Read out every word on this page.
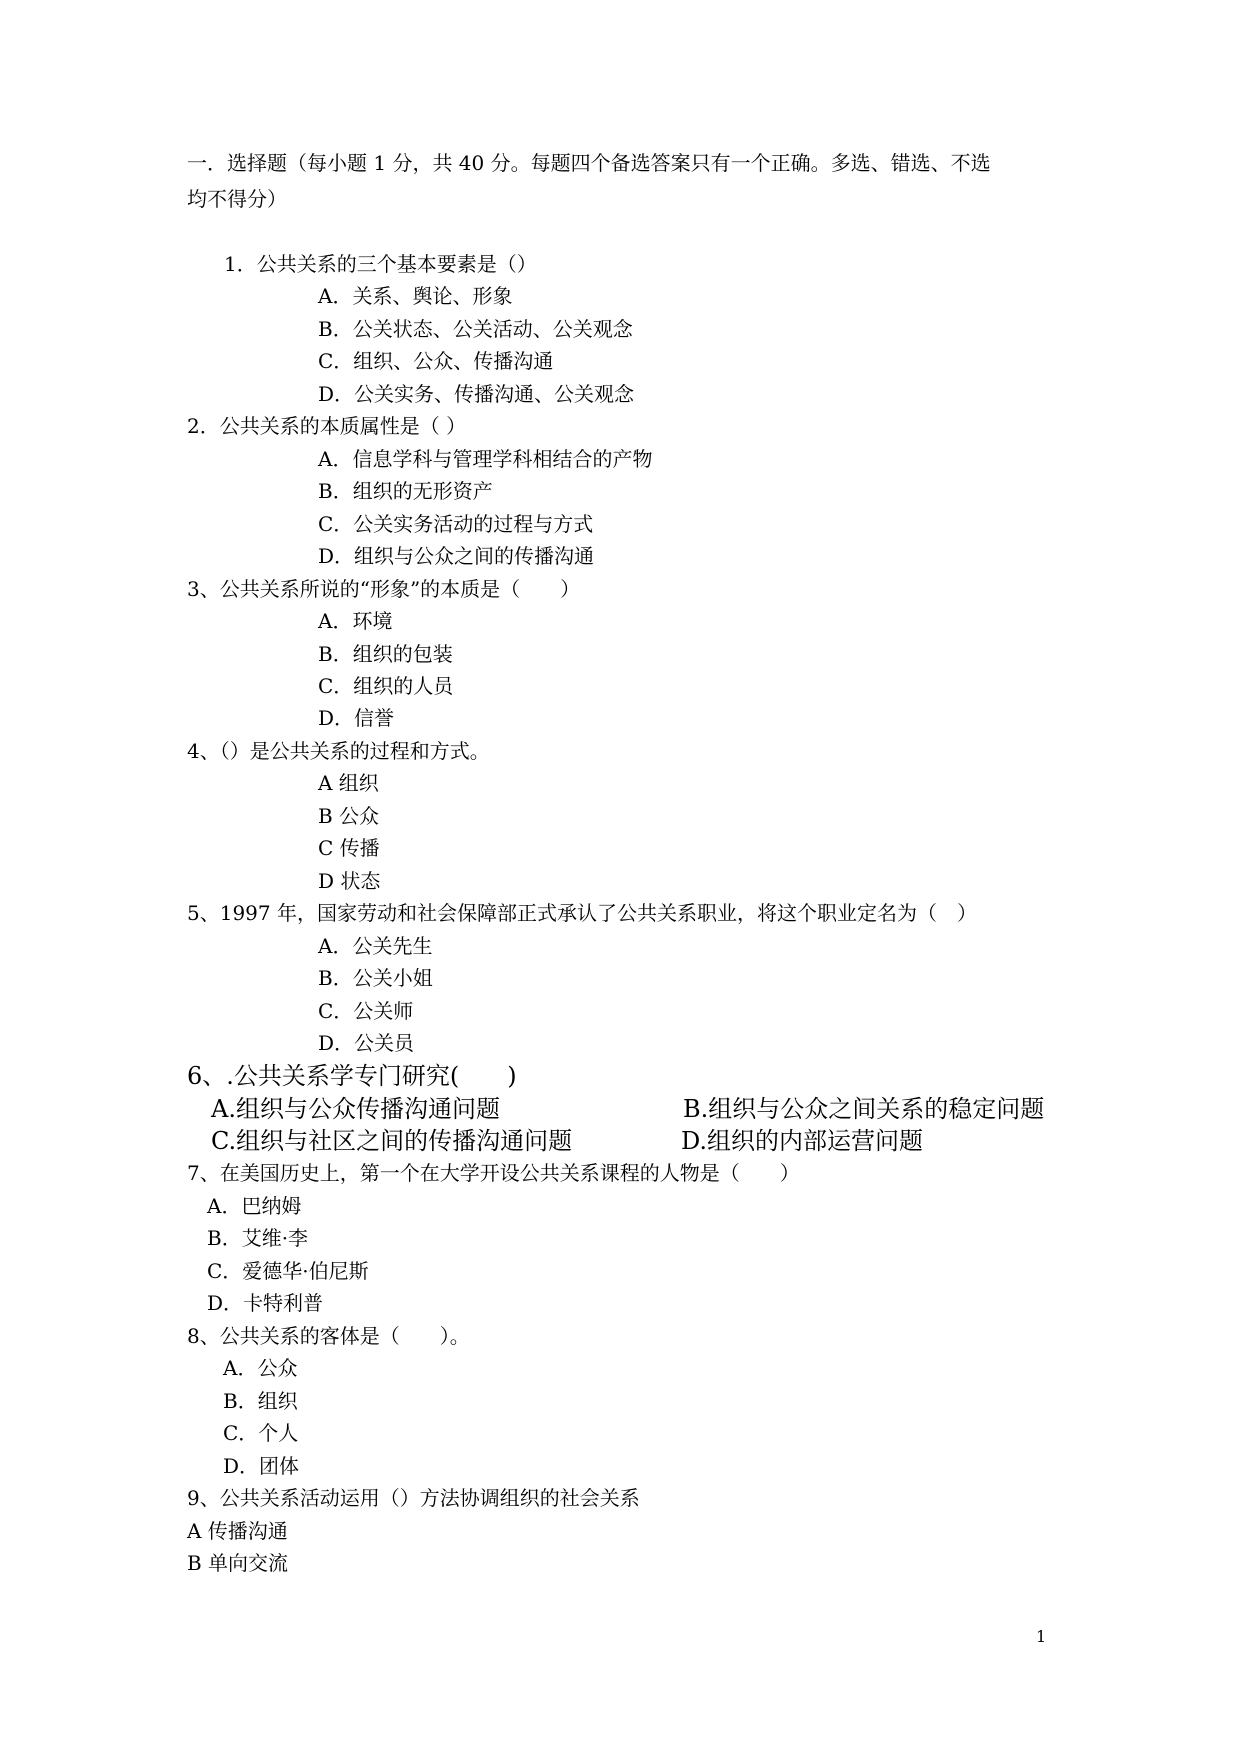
一．选择题（每小题 1 分，共 40 分。每题四个备选答案只有一个正确。多选、错选、不选
均不得分）
1．公共关系的三个基本要素是（）
A．关系、舆论、形象
B．公关状态、公关活动、公关观念
C．组织、公众、传播沟通
D．公关实务、传播沟通、公关观念
2．公共关系的本质属性是（ ）
A．信息学科与管理学科相结合的产物
B．组织的无形资产
C．公关实务活动的过程与方式
D．组织与公众之间的传播沟通
3、公共关系所说的“形象”的本质是（　　）
A．环境
B．组织的包装
C．组织的人员
D．信誉
4、（）是公共关系的过程和方式。
A 组织
B 公众
C 传播
D 状态
5、1997 年，国家劳动和社会保障部正式承认了公共关系职业，将这个职业定名为（　）
A．公关先生
B．公关小姐
C．公关师
D．公关员
6、.公共关系学专门研究(　　)
A.组织与公众传播沟通问题	B.组织与公众之间关系的稳定问题
C.组织与社区之间的传播沟通问题	D.组织的内部运营问题
7、在美国历史上，第一个在大学开设公共关系课程的人物是（　　）
A．巴纳姆
B．艾维·李
C．爱德华·伯尼斯
D．卡特利普
8、公共关系的客体是（　　）。
A．公众
B．组织
C．个人
D．团体
9、公共关系活动运用（）方法协调组织的社会关系
A 传播沟通
B 单向交流
1
